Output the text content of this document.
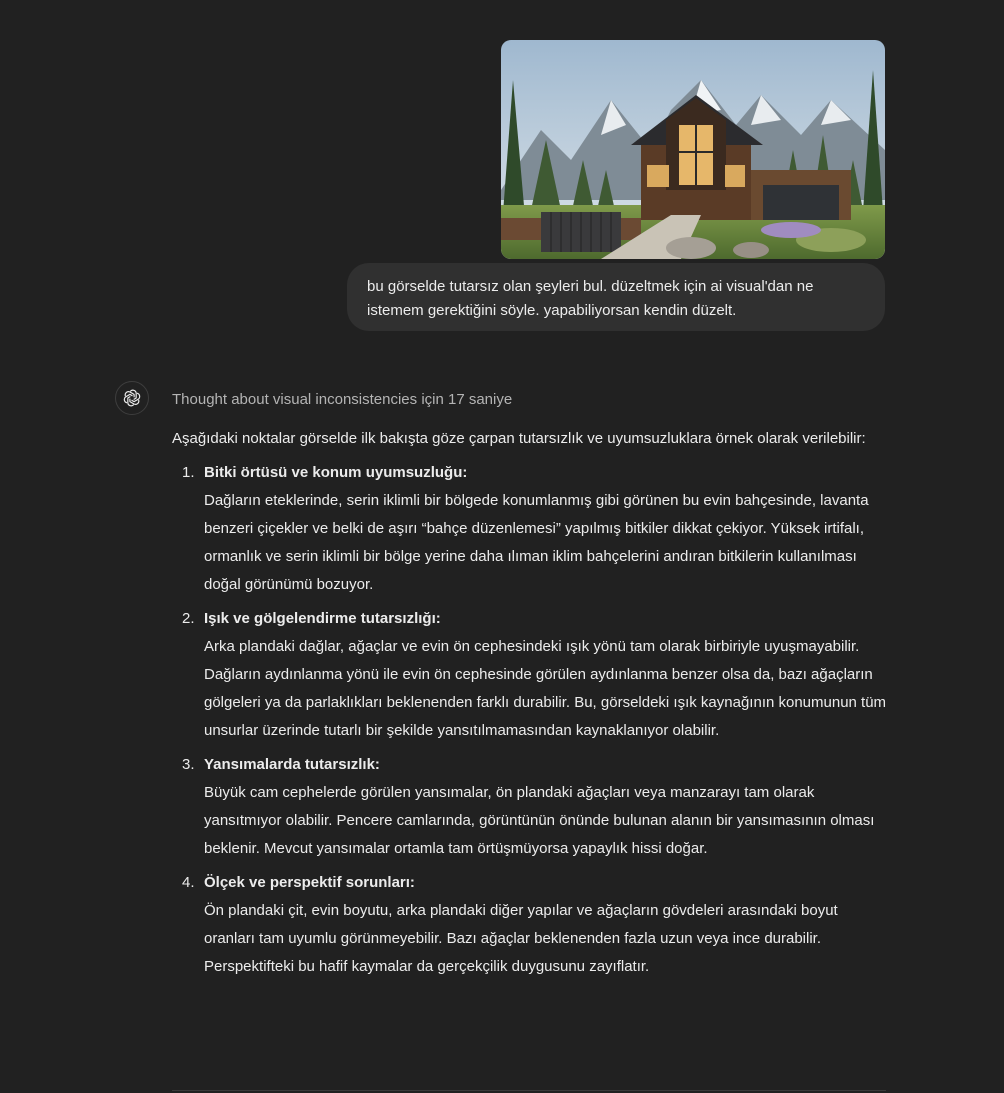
bu görselde tutarsız olan şeyleri bul. düzeltmek için ai visual'dan ne istemem gerektiğini söyle. yapabiliyorsan kendin düzelt.
Thought about visual inconsistencies için 17 saniye

Aşağıdaki noktalar görselde ilk bakışta göze çarpan tutarsızlık ve uyumsuzluklara örnek olarak verilebilir:

1. Bitki örtüsü ve konum uyumsuzluğu:
Dağların eteklerinde, serin iklimli bir bölgede konumlanmış gibi görünen bu evin bahçesinde, lavanta benzeri çiçekler ve belki de aşırı “bahçe düzenlemesi” yapılmış bitkiler dikkat çekiyor. Yüksek irtifalı, ormanlık ve serin iklimli bir bölge yerine daha ılıman iklim bahçelerini andıran bitkilerin kullanılması doğal görünümü bozuyor.
2. Işık ve gölgelendirme tutarsızlığı:
Arka plandaki dağlar, ağaçlar ve evin ön cephesindeki ışık yönü tam olarak birbiriyle uyuşmayabilir. Dağların aydınlanma yönü ile evin ön cephesinde görülen aydınlanma benzer olsa da, bazı ağaçların gölgeleri ya da parlaklıkları beklenenden farklı durabilir. Bu, görseldeki ışık kaynağının konumunun tüm unsurlar üzerinde tutarlı bir şekilde yansıtılmamasından kaynaklanıyor olabilir.
3. Yansımalarda tutarsızlık:
Büyük cam cephelerde görülen yansımalar, ön plandaki ağaçları veya manzarayı tam olarak yansıtmıyor olabilir. Pencere camlarında, görüntünün önünde bulunan alanın bir yansımasının olması beklenir. Mevcut yansımalar ortamla tam örtüşmüyorsa yapaylık hissi doğar.
4. Ölçek ve perspektif sorunları:
Ön plandaki çit, evin boyutu, arka plandaki diğer yapılar ve ağaçların gövdeleri arasındaki boyut oranları tam uyumlu görünmeyebilir. Bazı ağaçlar beklenenden fazla uzun veya ince durabilir. Perspektifteki bu hafif kaymalar da gerçekçilik duygusunu zayıflatır.
